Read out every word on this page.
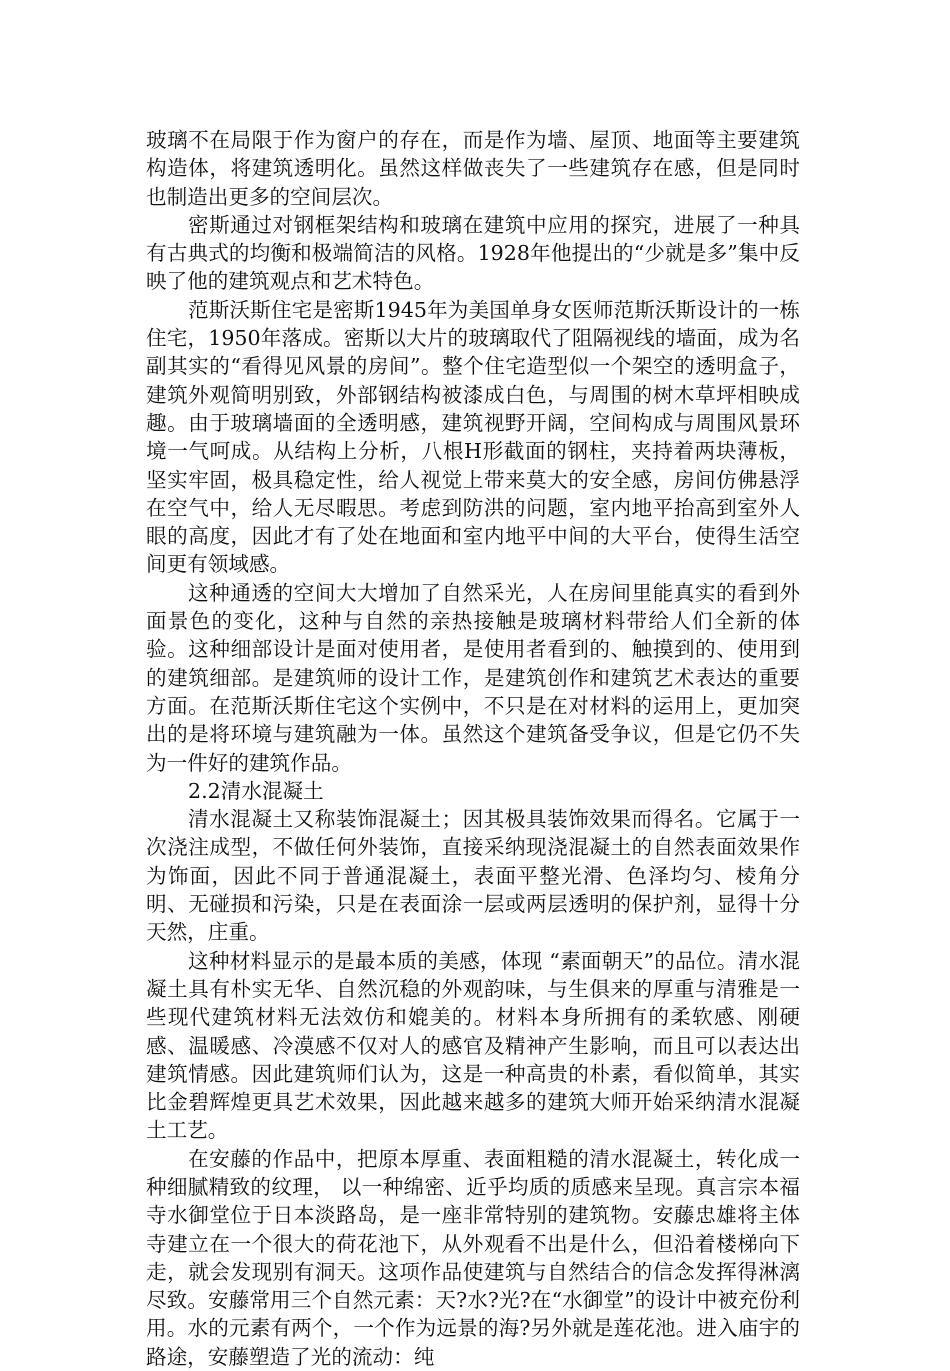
玻璃不在局限于作为窗户的存在，而是作为墙、屋顶、地面等主要建筑构造体，将建筑透明化。虽然这样做丧失了一些建筑存在感，但是同时也制造出更多的空间层次。

密斯通过对钢框架结构和玻璃在建筑中应用的探究，进展了一种具有古典式的均衡和极端简洁的风格。1928年他提出的“少就是多”集中反映了他的建筑观点和艺术特色。

范斯沃斯住宅是密斯1945年为美国单身女医师范斯沃斯设计的一栋住宅，1950年落成。密斯以大片的玻璃取代了阻隔视线的墙面，成为名副其实的“看得见风景的房间”。整个住宅造型似一个架空的透明盒子，建筑外观简明别致，外部钢结构被漆成白色，与周围的树木草坪相映成趣。由于玻璃墙面的全透明感，建筑视野开阔，空间构成与周围风景环境一气呵成。从结构上分析，八根H形截面的钢柱，夹持着两块薄板，坚实牢固，极具稳定性，给人视觉上带来莫大的安全感，房间仿佛悬浮在空气中，给人无尽暇思。考虑到防洪的问题，室内地平抬高到室外人眼的高度，因此才有了处在地面和室内地平中间的大平台，使得生活空间更有领域感。

这种通透的空间大大增加了自然采光，人在房间里能真实的看到外面景色的变化，这种与自然的亲热接触是玻璃材料带给人们全新的体验。这种细部设计是面对使用者，是使用者看到的、触摸到的、使用到的建筑细部。是建筑师的设计工作，是建筑创作和建筑艺术表达的重要方面。在范斯沃斯住宅这个实例中，不只是在对材料的运用上，更加突出的是将环境与建筑融为一体。虽然这个建筑备受争议，但是它仍不失为一件好的建筑作品。

2.2清水混凝土

清水混凝土又称装饰混凝土；因其极具装饰效果而得名。它属于一次浇注成型，不做任何外装饰，直接采纳现浇混凝土的自然表面效果作为饰面，因此不同于普通混凝土，表面平整光滑、色泽均匀、棱角分明、无碰损和污染，只是在表面涂一层或两层透明的保护剂，显得十分天然，庄重。

这种材料显示的是最本质的美感，体现 “素面朝天”的品位。清水混凝土具有朴实无华、自然沉稳的外观韵味，与生俱来的厚重与清雅是一些现代建筑材料无法效仿和媲美的。材料本身所拥有的柔软感、刚硬感、温暖感、冷漠感不仅对人的感官及精神产生影响，而且可以表达出建筑情感。因此建筑师们认为，这是一种高贵的朴素，看似简单，其实比金碧辉煌更具艺术效果，因此越来越多的建筑大师开始采纳清水混凝土工艺。

在安藤的作品中，把原本厚重、表面粗糙的清水混凝土，转化成一种细腻精致的纹理， 以一种绵密、近乎均质的质感来呈现。真言宗本福寺水御堂位于日本淡路岛，是一座非常特别的建筑物。安藤忠雄将主体寺建立在一个很大的荷花池下，从外观看不出是什么，但沿着楼梯向下走，就会发现别有洞天。这项作品使建筑与自然结合的信念发挥得淋漓尽致。安藤常用三个自然元素：天?水?光?在“水御堂”的设计中被充份利用。水的元素有两个，一个作为远景的海?另外就是莲花池。进入庙宇的路途，安藤塑造了光的流动：纯
